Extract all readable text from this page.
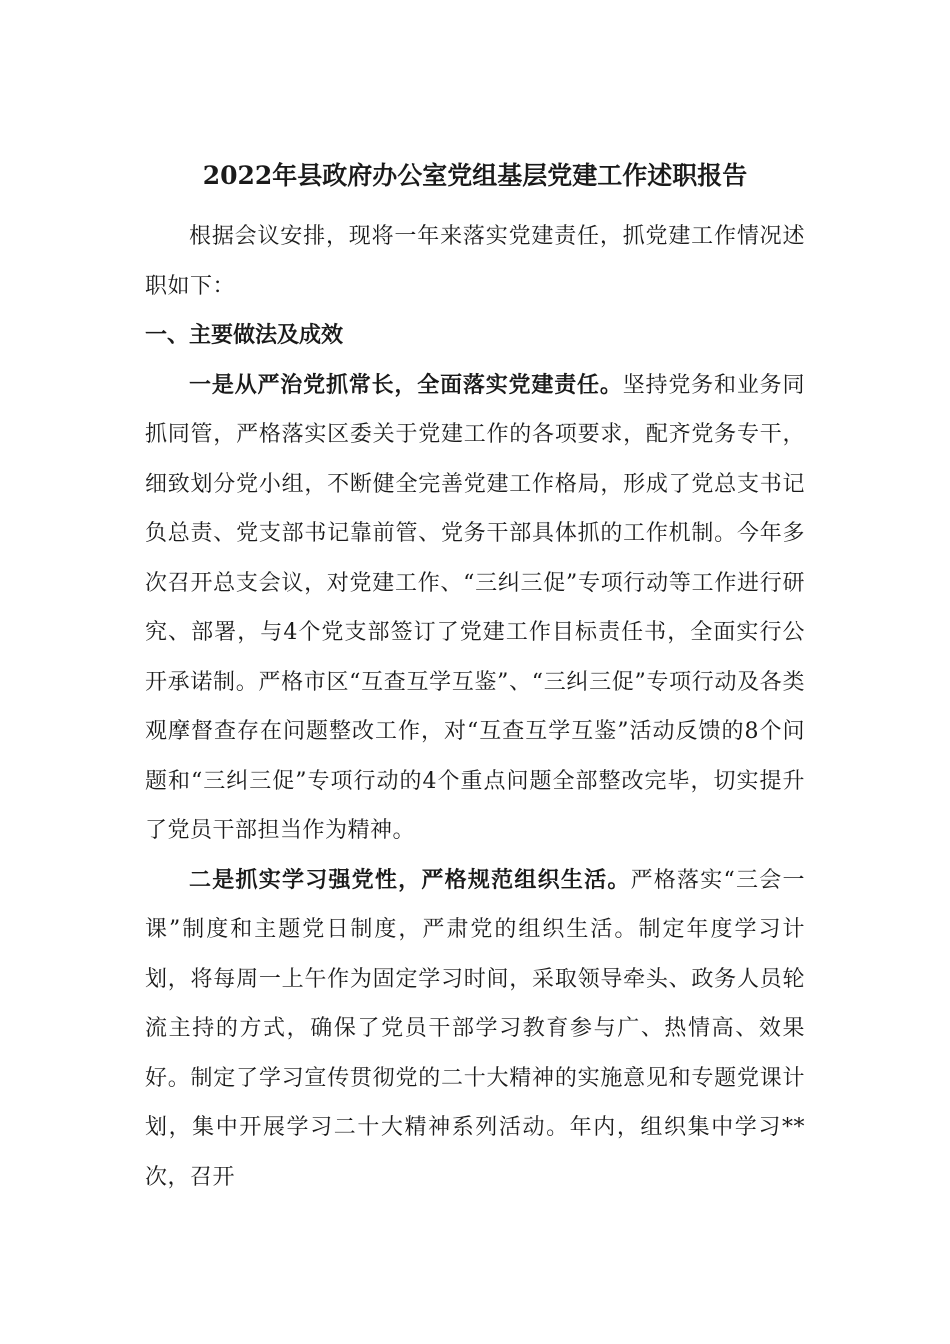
2022年县政府办公室党组基层党建工作述职报告

根据会议安排，现将一年来落实党建责任，抓党建工作情况述职如下：

一、主要做法及成效

一是从严治党抓常长，全面落实党建责任。坚持党务和业务同抓同管，严格落实区委关于党建工作的各项要求，配齐党务专干，细致划分党小组，不断健全完善党建工作格局，形成了党总支书记负总责、党支部书记靠前管、党务干部具体抓的工作机制。今年多次召开总支会议，对党建工作、“三纠三促”专项行动等工作进行研究、部署，与4个党支部签订了党建工作目标责任书，全面实行公开承诺制。严格市区“互查互学互鉴”、“三纠三促”专项行动及各类观摩督查存在问题整改工作，对“互查互学互鉴”活动反馈的8个问题和“三纠三促”专项行动的4个重点问题全部整改完毕，切实提升了党员干部担当作为精神。

二是抓实学习强党性，严格规范组织生活。严格落实“三会一课”制度和主题党日制度，严肃党的组织生活。制定年度学习计划，将每周一上午作为固定学习时间，采取领导牵头、政务人员轮流主持的方式，确保了党员干部学习教育参与广、热情高、效果好。制定了学习宣传贯彻党的二十大精神的实施意见和专题党课计划，集中开展学习二十大精神系列活动。年内，组织集中学习**次，召开
